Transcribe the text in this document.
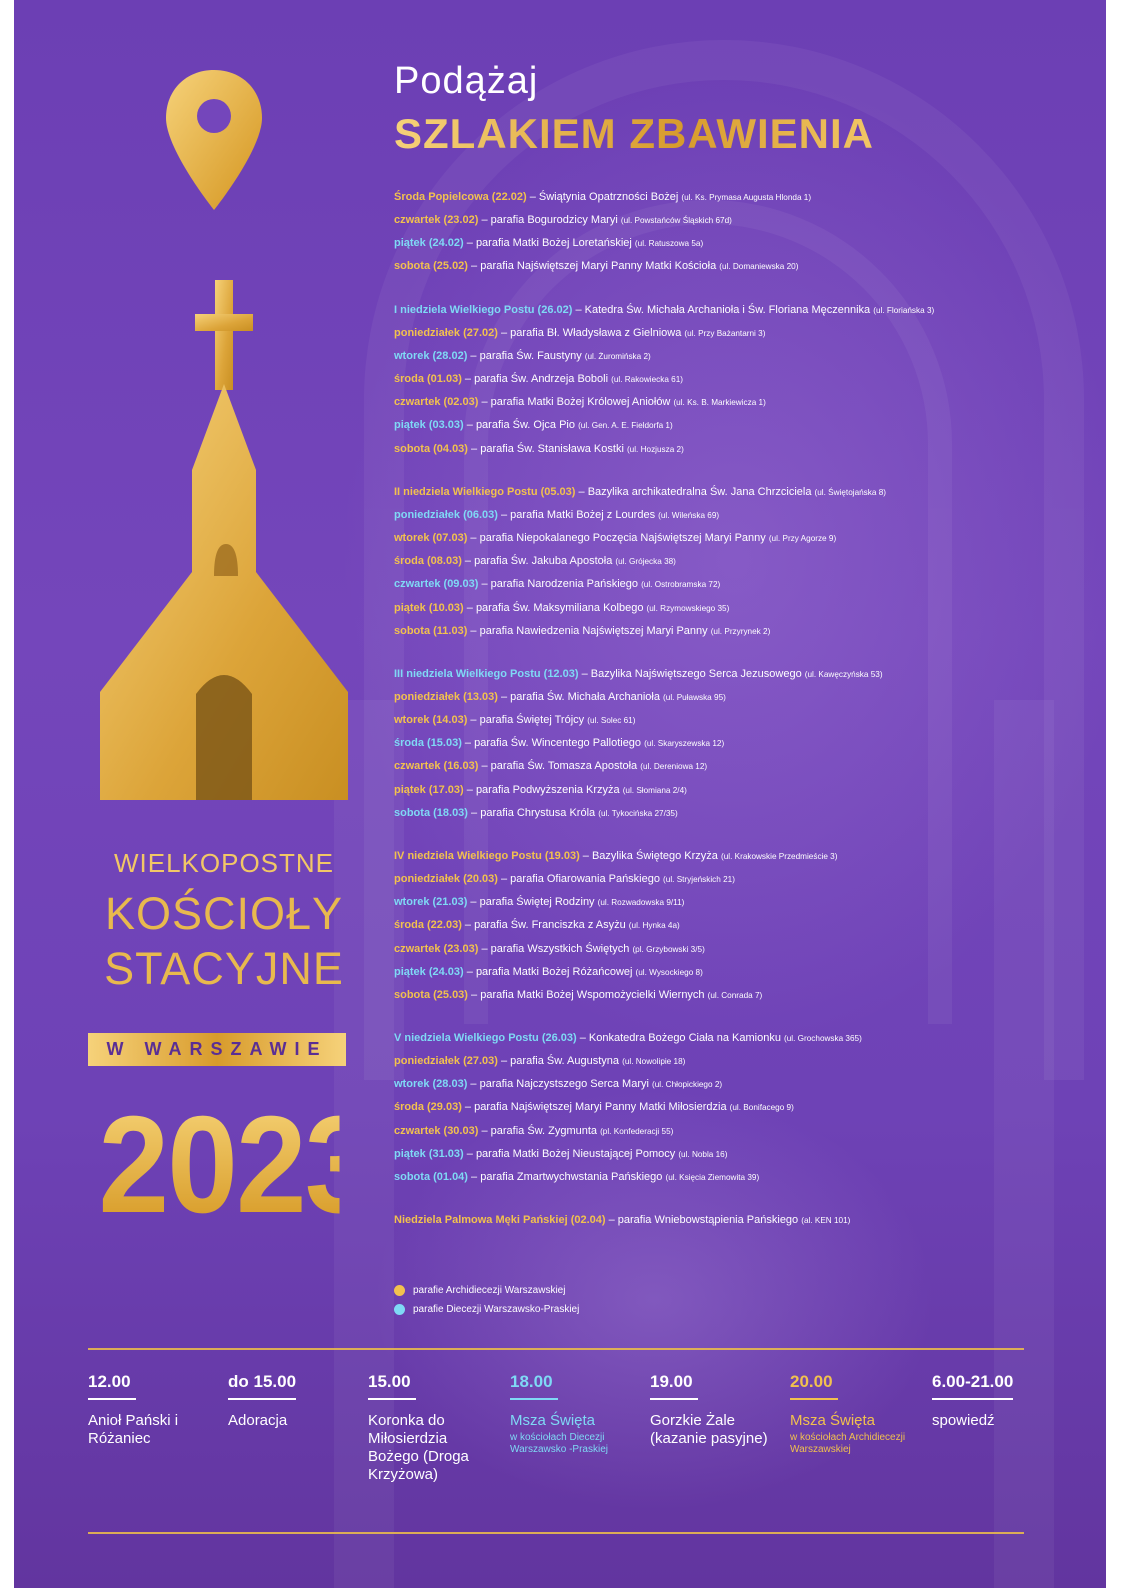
Podążaj
SZLAKIEM ZBAWIENIA
WIELKOPOSTNE
KOŚCIOŁY
STACYJNE
W WARSZAWIE
2023
Środa Popielcowa (22.02) – Świątynia Opatrzności Bożej (ul. Ks. Prymasa Augusta Hlonda 1)
czwartek (23.02) – parafia Bogurodzicy Maryi (ul. Powstańców Śląskich 67d)
piątek (24.02) – parafia Matki Bożej Loretańskiej (ul. Ratuszowa 5a)
sobota (25.02) – parafia Najświętszej Maryi Panny Matki Kościoła (ul. Domaniewska 20)
I niedziela Wielkiego Postu (26.02) – Katedra Św. Michała Archanioła i Św. Floriana Męczennika (ul. Floriańska 3)
poniedziałek (27.02) – parafia Bł. Władysława z Gielniowa (ul. Przy Bażantarni 3)
wtorek (28.02) – parafia Św. Faustyny (ul. Żuromińska 2)
środa (01.03) – parafia Św. Andrzeja Boboli (ul. Rakowiecka 61)
czwartek (02.03) – parafia Matki Bożej Królowej Aniołów (ul. Ks. B. Markiewicza 1)
piątek (03.03) – parafia Św. Ojca Pio (ul. Gen. A. E. Fieldorfa 1)
sobota (04.03) – parafia Św. Stanisława Kostki (ul. Hozjusza 2)
II niedziela Wielkiego Postu (05.03) – Bazylika archikatedralna Św. Jana Chrzciciela (ul. Świętojańska 8)
poniedziałek (06.03) – parafia Matki Bożej z Lourdes (ul. Wileńska 69)
wtorek (07.03) – parafia Niepokalanego Poczęcia Najświętszej Maryi Panny (ul. Przy Agorze 9)
środa (08.03) – parafia Św. Jakuba Apostoła (ul. Grójecka 38)
czwartek (09.03) – parafia Narodzenia Pańskiego (ul. Ostrobramska 72)
piątek (10.03) – parafia Św. Maksymiliana Kolbego (ul. Rzymowskiego 35)
sobota (11.03) – parafia Nawiedzenia Najświętszej Maryi Panny (ul. Przyrynek 2)
III niedziela Wielkiego Postu (12.03) – Bazylika Najświętszego Serca Jezusowego (ul. Kawęczyńska 53)
poniedziałek (13.03) – parafia Św. Michała Archanioła (ul. Puławska 95)
wtorek (14.03) – parafia Świętej Trójcy (ul. Solec 61)
środa (15.03) – parafia Św. Wincentego Pallotiego (ul. Skaryszewska 12)
czwartek (16.03) – parafia Św. Tomasza Apostoła (ul. Dereniowa 12)
piątek (17.03) – parafia Podwyższenia Krzyża (ul. Słomiana 2/4)
sobota (18.03) – parafia Chrystusa Króla (ul. Tykocińska 27/35)
IV niedziela Wielkiego Postu (19.03) – Bazylika Świętego Krzyża (ul. Krakowskie Przedmieście 3)
poniedziałek (20.03) – parafia Ofiarowania Pańskiego (ul. Stryjeńskich 21)
wtorek (21.03) – parafia Świętej Rodziny (ul. Rozwadowska 9/11)
środa (22.03) – parafia Św. Franciszka z Asyżu (ul. Hynka 4a)
czwartek (23.03) – parafia Wszystkich Świętych (pl. Grzybowski 3/5)
piątek (24.03) – parafia Matki Bożej Różańcowej (ul. Wysockiego 8)
sobota (25.03) – parafia Matki Bożej Wspomożycielki Wiernych (ul. Conrada 7)
V niedziela Wielkiego Postu (26.03) – Konkatedra Bożego Ciała na Kamionku (ul. Grochowska 365)
poniedziałek (27.03) – parafia Św. Augustyna (ul. Nowolipie 18)
wtorek (28.03) – parafia Najczystszego Serca Maryi (ul. Chłopickiego 2)
środa (29.03) – parafia Najświętszej Maryi Panny Matki Miłosierdzia (ul. Bonifacego 9)
czwartek (30.03) – parafia Św. Zygmunta (pl. Konfederacji 55)
piątek (31.03) – parafia Matki Bożej Nieustającej Pomocy (ul. Nobla 16)
sobota (01.04) – parafia Zmartwychwstania Pańskiego (ul. Księcia Ziemowita 39)
Niedziela Palmowa Męki Pańskiej (02.04) – parafia Wniebowstąpienia Pańskiego (al. KEN 101)
parafie Archidiecezji Warszawskiej
parafie Diecezji Warszawsko-Praskiej
12.00
Anioł Pański i Różaniec
do 15.00
Adoracja
15.00
Koronka do Miłosierdzia Bożego (Droga Krzyżowa)
18.00
Msza Święta
w kościołach Diecezji Warszawsko -Praskiej
19.00
Gorzkie Żale (kazanie pasyjne)
20.00
Msza Święta
w kościołach Archidiecezji Warszawskiej
6.00-21.00
spowiedź
